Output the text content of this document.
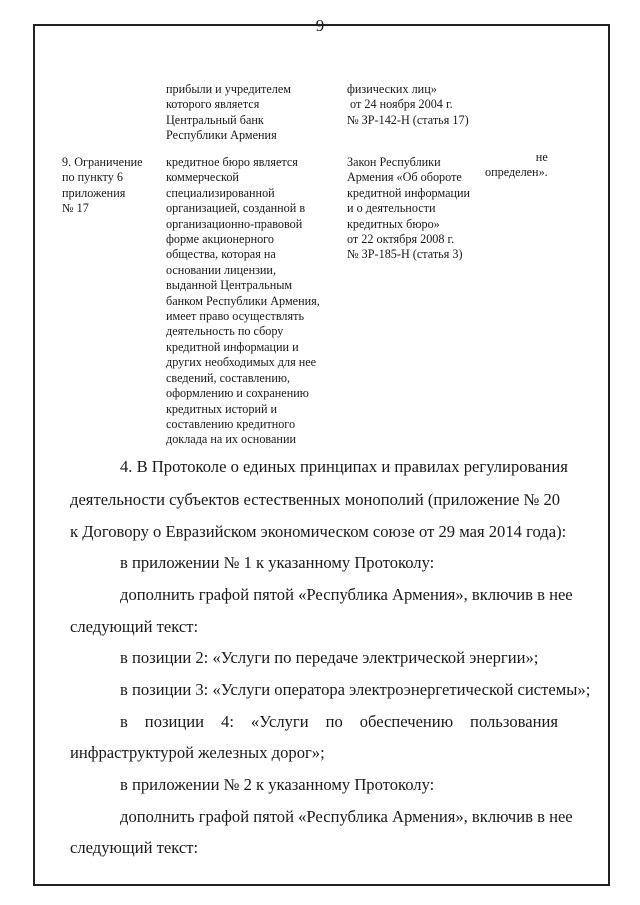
9
прибыли и учредителем
которого является
Центральный банк
Республики Армения
физических лиц»
от 24 ноября 2004 г.
№ ЗР-142-Н (статья 17)
9. Ограничение
по пункту 6
приложения
№ 17
кредитное бюро является
коммерческой
специализированной
организацией, созданной в
организационно-правовой
форме акционерного
общества, которая на
основании лицензии,
выданной Центральным
банком Республики Армения,
имеет право осуществлять
деятельность по сбору
кредитной информации и
других необходимых для нее
сведений, составлению,
оформлению и сохранению
кредитных историй и
составлению кредитного
доклада на их основании
Закон Республики
Армения «Об обороте
кредитной информации
и о деятельности
кредитных бюро»
от 22 октября 2008 г.
№ ЗР-185-Н (статья 3)
не
определен».
4. В Протоколе о единых принципах и правилах регулирования
деятельности субъектов естественных монополий (приложение № 20
к Договору о Евразийском экономическом союзе от 29 мая 2014 года):
в приложении № 1 к указанному Протоколу:
дополнить графой пятой «Республика Армения», включив в нее
следующий текст:
в позиции 2: «Услуги по передаче электрической энергии»;
в позиции 3: «Услуги оператора электроэнергетической системы»;
в позиции 4: «Услуги по обеспечению пользования
инфраструктурой железных дорог»;
в приложении № 2 к указанному Протоколу:
дополнить графой пятой «Республика Армения», включив в нее
следующий текст:
